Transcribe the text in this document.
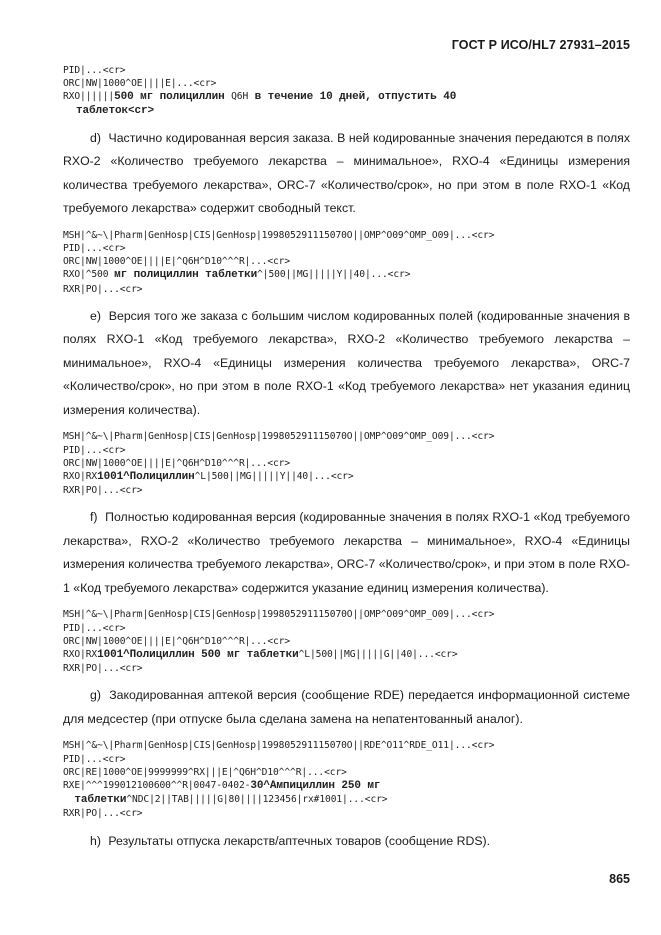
ГОСТ Р ИСО/HL7 27931–2015
PID|...<cr>
ORC|NW|1000^OE||||E|...<cr>
RXO||||||500 мг полициллин Q6H в течение 10 дней, отпустить 40
таблеток<cr>

d) Частично кодированная версия заказа. В ней кодированные значения передаются в полях RXO-2 «Количество требуемого лекарства – минимальное», RXO-4 «Единицы измерения количества требуемого лекарства», ORC-7 «Количество/срок», но при этом в поле RXO-1 «Код требуемого лекарства» содержит свободный текст.

MSH|^&~\|Pharm|GenHosp|CIS|GenHosp|199805291115070O||OMP^O09^OMP_O09|...<cr>
PID|...<cr>
ORC|NW|1000^OE||||E|^Q6H^D10^^^R|...<cr>
RXO|^500 мг полициллин таблетки^|500||MG|||||Y||40|...<cr>
RXR|PO|...<cr>

e) Версия того же заказа с большим числом кодированных полей (кодированные значения в полях RXO-1 «Код требуемого лекарства», RXO-2 «Количество требуемого лекарства – минимальное», RXO-4 «Единицы измерения количества требуемого лекарства», ORC-7 «Количество/срок», но при этом в поле RXO-1 «Код требуемого лекарства» нет указания единиц измерения количества).

MSH|^&~\|Pharm|GenHosp|CIS|GenHosp|199805291115070O||OMP^O09^OMP_O09|...<cr>
PID|...<cr>
ORC|NW|1000^OE||||E|^Q6H^D10^^^R|...<cr>
RXO|RX1001^Полициллин^L|500||MG|||||Y||40|...<cr>
RXR|PO|...<cr>

f) Полностью кодированная версия (кодированные значения в полях RXO-1 «Код требуемого лекарства», RXO-2 «Количество требуемого лекарства – минимальное», RXO-4 «Единицы измерения количества требуемого лекарства», ORC-7 «Количество/срок», и при этом в поле RXO-1 «Код требуемого лекарства» содержится указание единиц измерения количества).

MSH|^&~\|Pharm|GenHosp|CIS|GenHosp|199805291115070O||OMP^O09^OMP_O09|...<cr>
PID|...<cr>
ORC|NW|1000^OE||||E|^Q6H^D10^^^R|...<cr>
RXO|RX1001^Полициллин 500 мг таблетки^L|500||MG|||||G||40|...<cr>
RXR|PO|...<cr>

g) Закодированная аптекой версия (сообщение RDE) передается информационной системе для медсестер (при отпуске была сделана замена на непатентованный аналог).

MSH|^&~\|Pharm|GenHosp|CIS|GenHosp|199805291115070O||RDE^O11^RDE_O11|...<cr>
PID|...<cr>
ORC|RE|1000^OE|9999999^RX|||E|^Q6H^D10^^^R|...<cr>
RXE|^^^199012100600^^R|0047-0402-30^Ампициллин 250 мг
таблетки^NDC|2||TAB|||||G|80||||123456|rx#1001|...<cr>
RXR|PO|...<cr>

h) Результаты отпуска лекарств/аптечных товаров (сообщение RDS).

865
